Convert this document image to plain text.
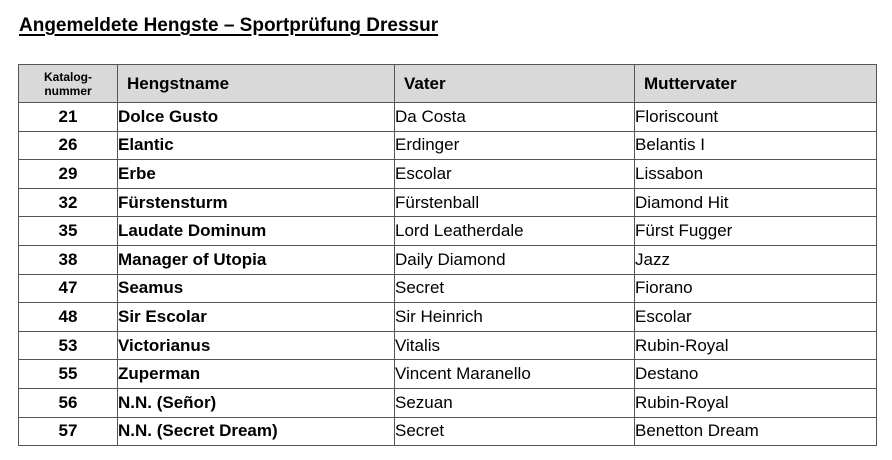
Angemeldete Hengste – Sportprüfung Dressur
Katalog-
nummer	Hengstname	Vater	Muttervater
21	Dolce Gusto	Da Costa	Floriscount
26	Elantic	Erdinger	Belantis I
29	Erbe	Escolar	Lissabon
32	Fürstensturm	Fürstenball	Diamond Hit
35	Laudate Dominum	Lord Leatherdale	Fürst Fugger
38	Manager of Utopia	Daily Diamond	Jazz
47	Seamus	Secret	Fiorano
48	Sir Escolar	Sir Heinrich	Escolar
53	Victorianus	Vitalis	Rubin-Royal
55	Zuperman	Vincent Maranello	Destano
56	N.N. (Señor)	Sezuan	Rubin-Royal
57	N.N. (Secret Dream)	Secret	Benetton Dream
